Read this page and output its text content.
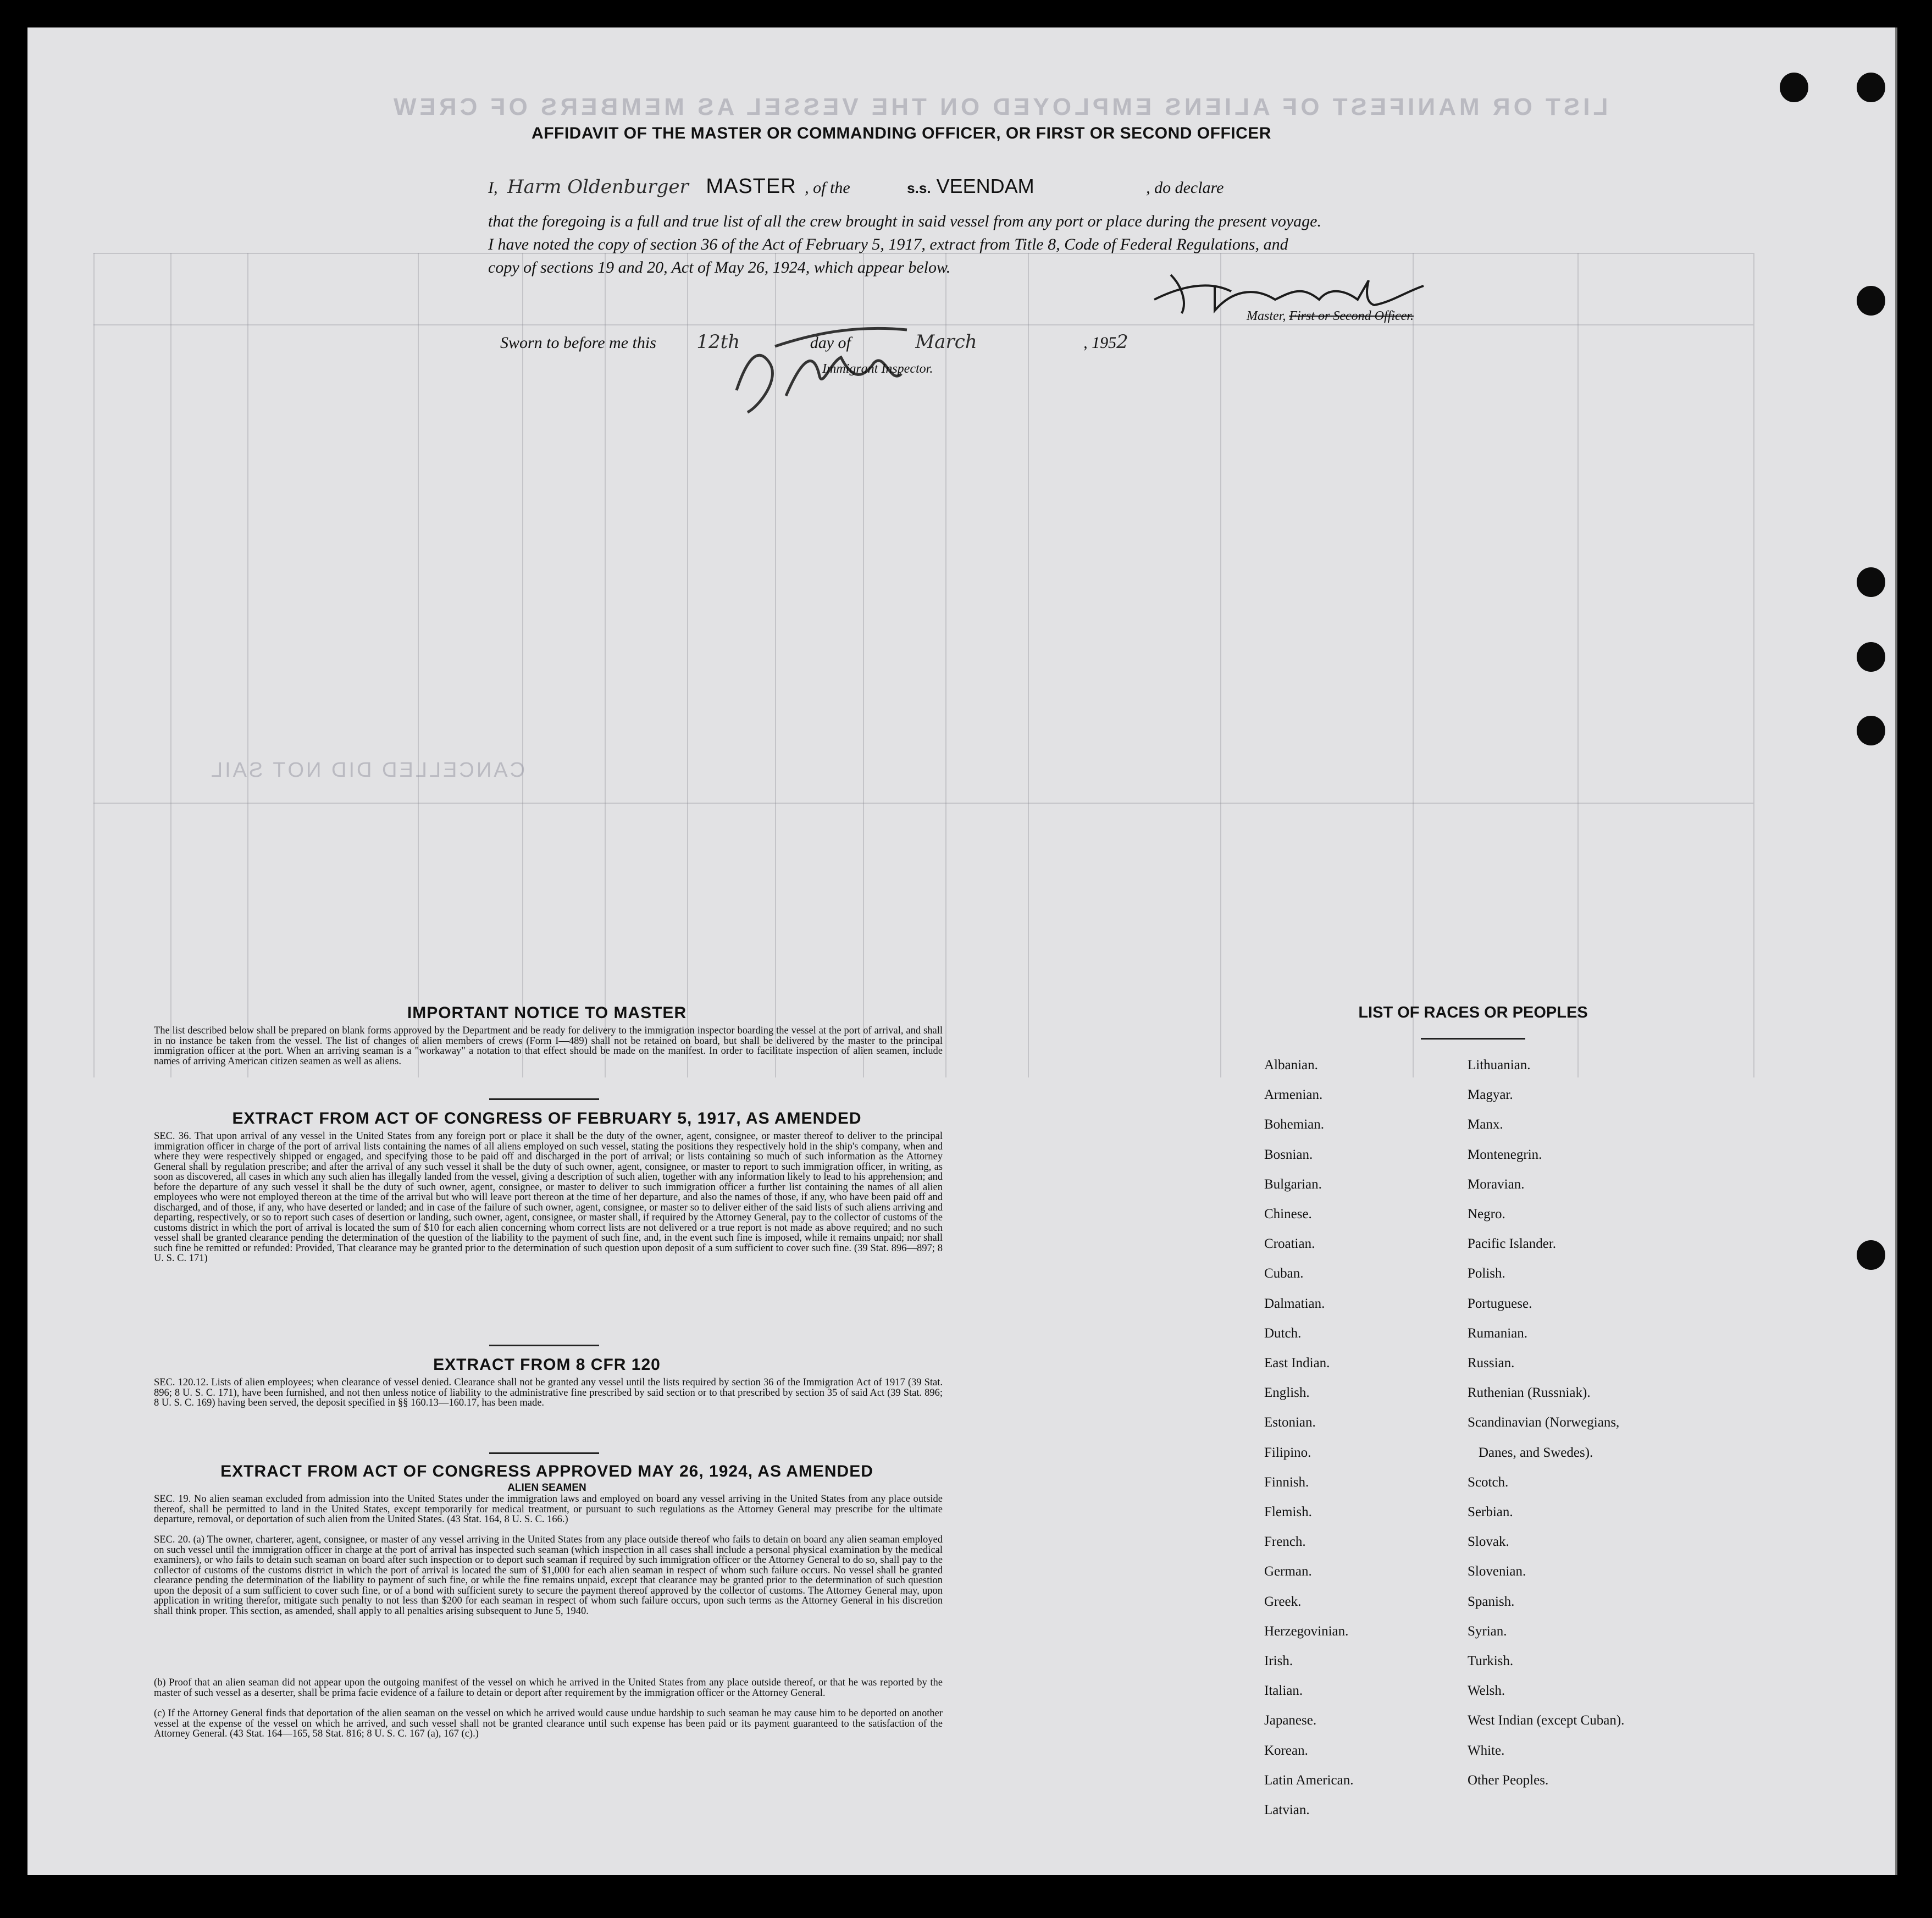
LIST OR MANIFEST OF ALIENS EMPLOYED ON THE VESSEL AS MEMBERS OF CREW
CANCELLED DID NOT SAIL
AFFIDAVIT OF THE MASTER OR COMMANDING OFFICER, OR FIRST OR SECOND OFFICER
I, Harm Oldenburger MASTER , of the	s.s. VEENDAM	, do declare
that the foregoing is a full and true list of all the crew brought in said vessel from any port or place during the present voyage.
I have noted the copy of section 36 of the Act of February 5, 1917, extract from Title 8, Code of Federal Regulations, and
copy of sections 19 and 20, Act of May 26, 1924, which appear below.
Master, First or Second Officer.
Sworn to before me this 12th	day of	March	, 1952
Immigrant Inspector.
IMPORTANT NOTICE TO MASTER
The list described below shall be prepared on blank forms approved by the Department and be ready for delivery to the immigration inspector boarding the vessel at the port of arrival, and shall in no instance be taken from the vessel. The list of changes of alien members of crews (Form I—489) shall not be retained on board, but shall be delivered by the master to the principal immigration officer at the port. When an arriving seaman is a "workaway" a notation to that effect should be made on the manifest. In order to facilitate inspection of alien seamen, include names of arriving American citizen seamen as well as aliens.
EXTRACT FROM ACT OF CONGRESS OF FEBRUARY 5, 1917, AS AMENDED
SEC. 36. That upon arrival of any vessel in the United States from any foreign port or place it shall be the duty of the owner, agent, consignee, or master thereof to deliver to the principal immigration officer in charge of the port of arrival lists containing the names of all aliens employed on such vessel, stating the positions they respectively hold in the ship's company, when and where they were respectively shipped or engaged, and specifying those to be paid off and discharged in the port of arrival; or lists containing so much of such information as the Attorney General shall by regulation prescribe; and after the arrival of any such vessel it shall be the duty of such owner, agent, consignee, or master to report to such immigration officer, in writing, as soon as discovered, all cases in which any such alien has illegally landed from the vessel, giving a description of such alien, together with any information likely to lead to his apprehension; and before the departure of any such vessel it shall be the duty of such owner, agent, consignee, or master to deliver to such immigration officer a further list containing the names of all alien employees who were not employed thereon at the time of the arrival but who will leave port thereon at the time of her departure, and also the names of those, if any, who have been paid off and discharged, and of those, if any, who have deserted or landed; and in case of the failure of such owner, agent, consignee, or master so to deliver either of the said lists of such aliens arriving and departing, respectively, or so to report such cases of desertion or landing, such owner, agent, consignee, or master shall, if required by the Attorney General, pay to the collector of customs of the customs district in which the port of arrival is located the sum of $10 for each alien concerning whom correct lists are not delivered or a true report is not made as above required; and no such vessel shall be granted clearance pending the determination of the question of the liability to the payment of such fine, and, in the event such fine is imposed, while it remains unpaid; nor shall such fine be remitted or refunded: Provided, That clearance may be granted prior to the determination of such question upon deposit of a sum sufficient to cover such fine. (39 Stat. 896—897; 8 U. S. C. 171)
EXTRACT FROM 8 CFR 120
SEC. 120.12. Lists of alien employees; when clearance of vessel denied. Clearance shall not be granted any vessel until the lists required by section 36 of the Immigration Act of 1917 (39 Stat. 896; 8 U. S. C. 171), have been furnished, and not then unless notice of liability to the administrative fine prescribed by said section or to that prescribed by section 35 of said Act (39 Stat. 896; 8 U. S. C. 169) having been served, the deposit specified in §§ 160.13—160.17, has been made.
EXTRACT FROM ACT OF CONGRESS APPROVED MAY 26, 1924, AS AMENDED
ALIEN SEAMEN
SEC. 19. No alien seaman excluded from admission into the United States under the immigration laws and employed on board any vessel arriving in the United States from any place outside thereof, shall be permitted to land in the United States, except temporarily for medical treatment, or pursuant to such regulations as the Attorney General may prescribe for the ultimate departure, removal, or deportation of such alien from the United States. (43 Stat. 164, 8 U. S. C. 166.)
SEC. 20. (a) The owner, charterer, agent, consignee, or master of any vessel arriving in the United States from any place outside thereof who fails to detain on board any alien seaman employed on such vessel until the immigration officer in charge at the port of arrival has inspected such seaman (which inspection in all cases shall include a personal physical examination by the medical examiners), or who fails to detain such seaman on board after such inspection or to deport such seaman if required by such immigration officer or the Attorney General to do so, shall pay to the collector of customs of the customs district in which the port of arrival is located the sum of $1,000 for each alien seaman in respect of whom such failure occurs. No vessel shall be granted clearance pending the determination of the liability to payment of such fine, or while the fine remains unpaid, except that clearance may be granted prior to the determination of such question upon the deposit of a sum sufficient to cover such fine, or of a bond with sufficient surety to secure the payment thereof approved by the collector of customs. The Attorney General may, upon application in writing therefor, mitigate such penalty to not less than $200 for each seaman in respect of whom such failure occurs, upon such terms as the Attorney General in his discretion shall think proper. This section, as amended, shall apply to all penalties arising subsequent to June 5, 1940.
(b) Proof that an alien seaman did not appear upon the outgoing manifest of the vessel on which he arrived in the United States from any place outside thereof, or that he was reported by the master of such vessel as a deserter, shall be prima facie evidence of a failure to detain or deport after requirement by the immigration officer or the Attorney General.
(c) If the Attorney General finds that deportation of the alien seaman on the vessel on which he arrived would cause undue hardship to such seaman he may cause him to be deported on another vessel at the expense of the vessel on which he arrived, and such vessel shall not be granted clearance until such expense has been paid or its payment guaranteed to the satisfaction of the Attorney General. (43 Stat. 164—165, 58 Stat. 816; 8 U. S. C. 167 (a), 167 (c).)
LIST OF RACES OR PEOPLES
Albanian.
Armenian.
Bohemian.
Bosnian.
Bulgarian.
Chinese.
Croatian.
Cuban.
Dalmatian.
Dutch.
East Indian.
English.
Estonian.
Filipino.
Finnish.
Flemish.
French.
German.
Greek.
Herzegovinian.
Irish.
Italian.
Japanese.
Korean.
Latin American.
Latvian.
Lithuanian.
Magyar.
Manx.
Montenegrin.
Moravian.
Negro.
Pacific Islander.
Polish.
Portuguese.
Rumanian.
Russian.
Ruthenian (Russniak).
Scandinavian (Norwegians,
Danes, and Swedes).
Scotch.
Serbian.
Slovak.
Slovenian.
Spanish.
Syrian.
Turkish.
Welsh.
West Indian (except Cuban).
White.
Other Peoples.
